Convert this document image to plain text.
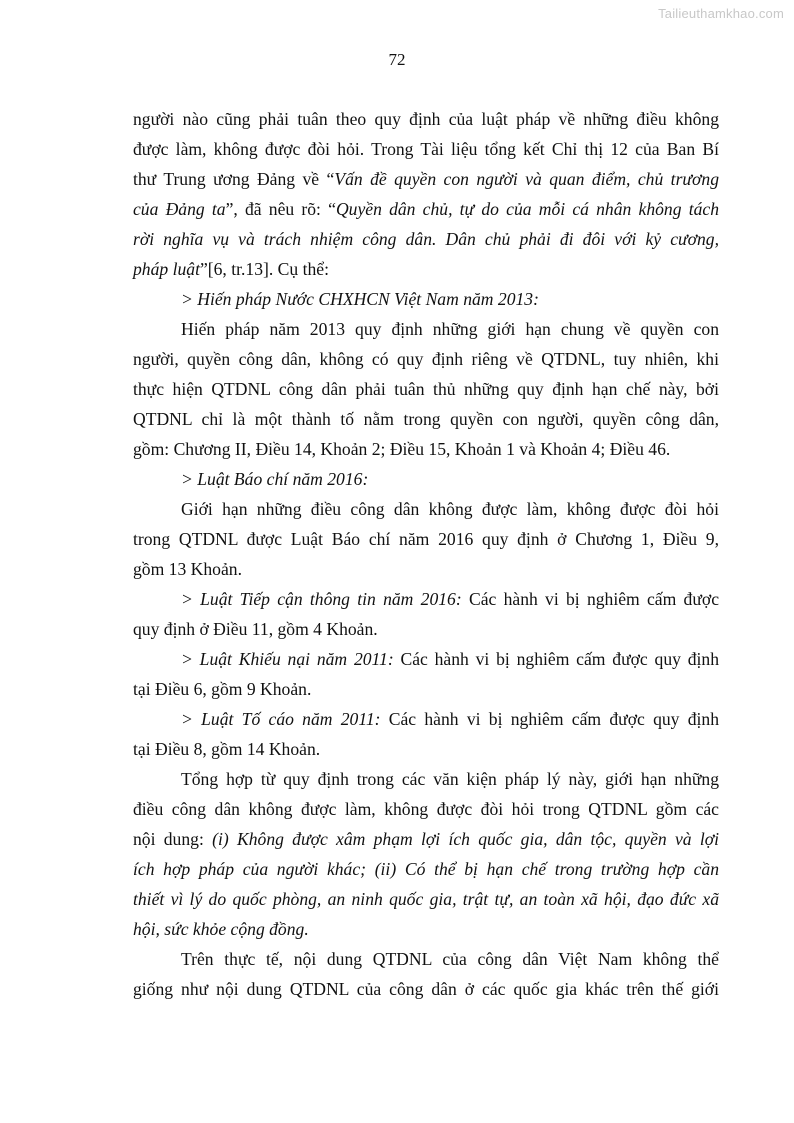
Tailieuthamkhao.com
72
người nào cũng phải tuân theo quy định của luật pháp về những điều không
được làm, không được đòi hỏi. Trong Tài liệu tổng kết Chỉ thị 12 của Ban Bí
thư Trung ương Đảng về “Vấn đề quyền con người và quan điểm, chủ trương
của Đảng ta”, đã nêu rõ: “Quyền dân chủ, tự do của mỗi cá nhân không tách
rời nghĩa vụ và trách nhiệm công dân. Dân chủ phải đi đôi với kỷ cương,
pháp luật”[6, tr.13]. Cụ thể:
> Hiến pháp Nước CHXHCN Việt Nam năm 2013:
Hiến pháp năm 2013 quy định những giới hạn chung về quyền con
người, quyền công dân, không có quy định riêng về QTDNL, tuy nhiên, khi
thực hiện QTDNL công dân phải tuân thủ những quy định hạn chế này, bởi
QTDNL chỉ là một thành tố nằm trong quyền con người, quyền công dân,
gồm: Chương II, Điều 14, Khoản 2; Điều 15, Khoản 1 và Khoản 4; Điều 46.
> Luật Báo chí năm 2016:
Giới hạn những điều công dân không được làm, không được đòi hỏi
trong QTDNL được Luật Báo chí năm 2016 quy định ở Chương 1, Điều 9,
gồm 13 Khoản.
> Luật Tiếp cận thông tin năm 2016: Các hành vi bị nghiêm cấm được
quy định ở Điều 11, gồm 4 Khoản.
> Luật Khiếu nại năm 2011: Các hành vi bị nghiêm cấm được quy định
tại Điều 6, gồm 9 Khoản.
> Luật Tố cáo năm 2011: Các hành vi bị nghiêm cấm được quy định
tại Điều 8, gồm 14 Khoản.
Tổng hợp từ quy định trong các văn kiện pháp lý này, giới hạn những
điều công dân không được làm, không được đòi hỏi trong QTDNL gồm các
nội dung: (i) Không được xâm phạm lợi ích quốc gia, dân tộc, quyền và lợi
ích hợp pháp của người khác; (ii) Có thể bị hạn chế trong trường hợp cần
thiết vì lý do quốc phòng, an ninh quốc gia, trật tự, an toàn xã hội, đạo đức xã
hội, sức khỏe cộng đồng.
Trên thực tế, nội dung QTDNL của công dân Việt Nam không thể
giống như nội dung QTDNL của công dân ở các quốc gia khác trên thế giới
